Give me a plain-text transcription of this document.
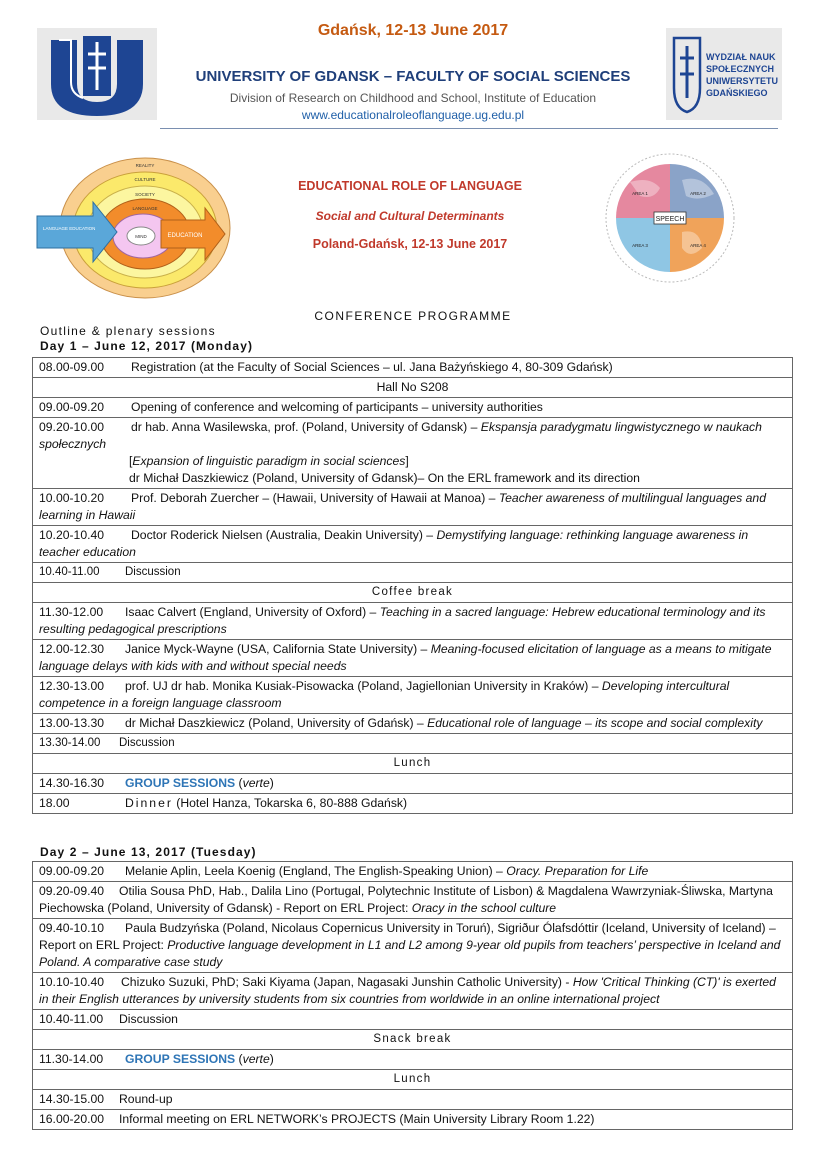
Gdańsk, 12-13 June 2017
UNIVERSITY OF GDANSK – FACULTY OF SOCIAL SCIENCES
Division of Research on Childhood and School, Institute of Education
www.educationalroleoflanguage.ug.edu.pl
WYDZIAŁ NAUK
SPOŁECZNYCH
UNIWERSYTETU
GDAŃSKIEGO
REALITY
CULTURE
SOCIETY
LANGUAGE
MIND
LANGUAGE EDUCATION
EDUCATION
EDUCATIONAL ROLE OF LANGUAGE
Social and Cultural Determinants
Poland-Gdańsk, 12-13 June 2017
SPEECH
AREA 1	AREA 2
AREA 3	AREA 4
CONFERENCE PROGRAMME
Outline & plenary sessions
Day 1 – June 12, 2017 (Monday)
08.00-09.00 Registration (at the Faculty of Social Sciences – ul. Jana Bażyńskiego 4, 80-309 Gdańsk)
Hall No S208
09.00-09.20 Opening of conference and welcoming of participants – university authorities
09.20-10.00 dr hab. Anna Wasilewska, prof. (Poland, University of Gdansk) – Ekspansja paradygmatu lingwistycznego w naukach społecznych
[Expansion of linguistic paradigm in social sciences]
dr Michał Daszkiewicz (Poland, University of Gdansk)– On the ERL framework and its direction
10.00-10.20 Prof. Deborah Zuercher – (Hawaii, University of Hawaii at Manoa) – Teacher awareness of multilingual languages and learning in Hawaii
10.20-10.40 Doctor Roderick Nielsen (Australia, Deakin University) – Demystifying language: rethinking language awareness in teacher education
10.40-11.00 Discussion
Coffee break
11.30-12.00 Isaac Calvert (England, University of Oxford) – Teaching in a sacred language: Hebrew educational terminology and its resulting pedagogical prescriptions
12.00-12.30 Janice Myck-Wayne (USA, California State University) – Meaning-focused elicitation of language as a means to mitigate language delays with kids with and without special needs
12.30-13.00 prof. UJ dr hab. Monika Kusiak-Pisowacka (Poland, Jagiellonian University in Kraków) – Developing intercultural competence in a foreign language classroom
13.00-13.30 dr Michał Daszkiewicz (Poland, University of Gdańsk) – Educational role of language – its scope and social complexity
13.30-14.00 Discussion
Lunch
14.30-16.30 GROUP SESSIONS (verte)
18.00	Dinner (Hotel Hanza, Tokarska 6, 80-888 Gdańsk)
Day 2 – June 13, 2017 (Tuesday)
09.00-09.20 Melanie Aplin, Leela Koenig (England, The English-Speaking Union) – Oracy. Preparation for Life
09.20-09.40 Otilia Sousa PhD, Hab., Dalila Lino (Portugal, Polytechnic Institute of Lisbon) & Magdalena Wawrzyniak-Śliwska, Martyna Piechowska (Poland, University of Gdansk) - Report on ERL Project: Oracy in the school culture
09.40-10.10 Paula Budzyńska (Poland, Nicolaus Copernicus University in Toruń), Sigriður Ólafsdóttir (Iceland, University of Iceland) – Report on ERL Project: Productive language development in L1 and L2 among 9-year old pupils from teachers’ perspective in Iceland and Poland. A comparative case study
10.10-10.40 Chizuko Suzuki, PhD; Saki Kiyama (Japan, Nagasaki Junshin Catholic University) - How 'Critical Thinking (CT)' is exerted in their English utterances by university students from six countries from worldwide in an online international project
10.40-11.00 Discussion
Snack break
11.30-14.00 GROUP SESSIONS (verte)
Lunch
14.30-15.00 Round-up
16.00-20.00 Informal meeting on ERL NETWORK’s PROJECTS (Main University Library Room 1.22)
